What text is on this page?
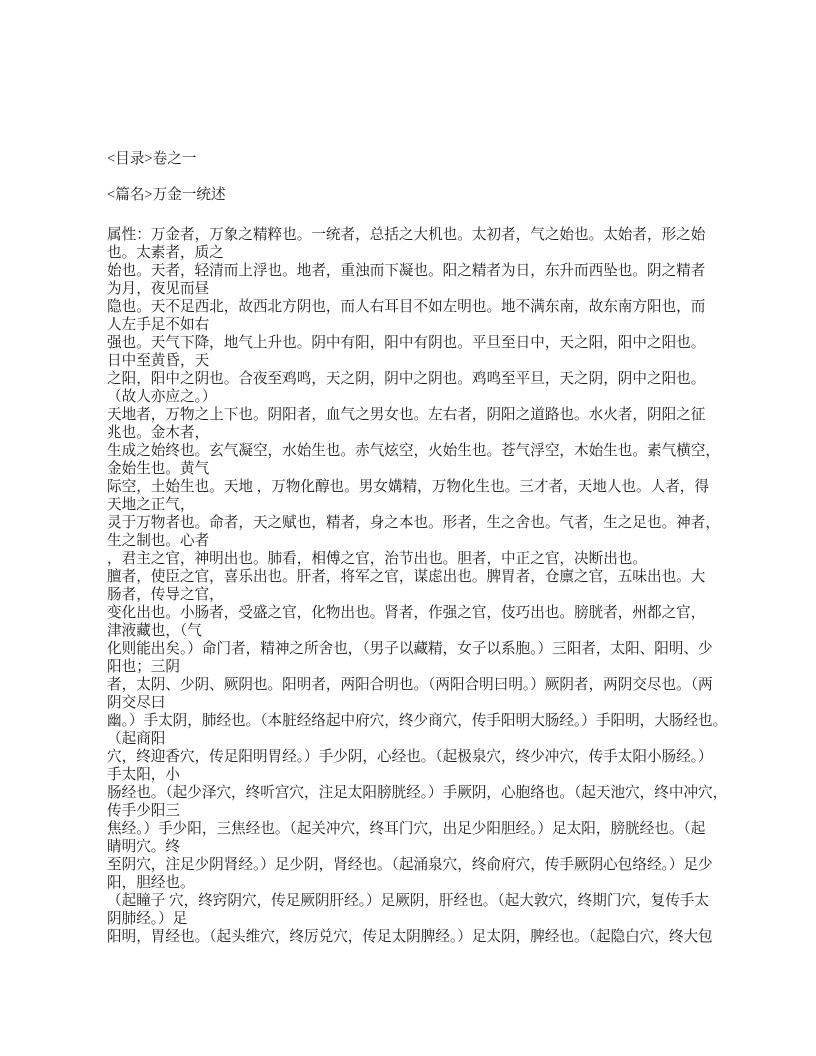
<目录>卷之一
<篇名>万金一统述
属性：万金者，万象之精粹也。一统者，总括之大机也。太初者，气之始也。太始者，形之始
也。太素者，质之
始也。天者，轻清而上浮也。地者，重浊而下凝也。阳之精者为日，东升而西坠也。阴之精者
为月，夜见而昼
隐也。天不足西北，故西北方阴也，而人右耳目不如左明也。地不满东南，故东南方阳也，而
人左手足不如右
强也。天气下降，地气上升也。阴中有阳，阳中有阴也。平旦至日中，天之阳，阳中之阳也。
日中至黄昏，天
之阳，阳中之阴也。合夜至鸡鸣，天之阴，阴中之阴也。鸡鸣至平旦，天之阴，阴中之阳也。
（故人亦应之。）
天地者，万物之上下也。阴阳者，血气之男女也。左右者，阴阳之道路也。水火者，阴阳之征
兆也。金木者，
生成之始终也。玄气凝空，水始生也。赤气炫空，火始生也。苍气浮空，木始生也。素气横空，
金始生也。黄气
际空，土始生也。天地 ，万物化醇也。男女媾精，万物化生也。三才者，天地人也。人者，得
天地之正气，
灵于万物者也。命者，天之赋也，精者，身之本也。形者，生之舍也。气者，生之足也。神者，
生之制也。心者
，君主之官，神明出也。肺看，相傅之官，治节出也。胆者，中正之官，决断出也。
膻者，使臣之官，喜乐出也。肝者，将军之官，谋虑出也。脾胃者，仓廪之官，五味出也。大
肠者，传导之官，
变化出也。小肠者，受盛之官，化物出也。肾者，作强之官，伎巧出也。膀胱者，州都之官，
津液藏也，（气
化则能出矣。）命门者，精神之所舍也，（男子以藏精，女子以系胞。）三阳者，太阳、阳明、少
阳也；三阴
者，太阴、少阴、厥阴也。阳明者，两阳合明也。（两阳合明曰明。）厥阴者，两阴交尽也。（两
阴交尽曰
幽。）手太阴，肺经也。（本脏经络起中府穴，终少商穴，传手阳明大肠经。）手阳明，大肠经也。
（起商阳
穴，终迎香穴，传足阳明胃经。）手少阴，心经也。（起极泉穴，终少冲穴，传手太阳小肠经。）
手太阳，小
肠经也。（起少泽穴，终听宫穴，注足太阳膀胱经。）手厥阴，心胞络也。（起天池穴，终中冲穴，
传手少阳三
焦经。）手少阳，三焦经也。（起关冲穴，终耳门穴，出足少阳胆经。）足太阳，膀胱经也。（起
睛明穴。终
至阴穴，注足少阴肾经。）足少阴，肾经也。（起涌泉穴，终俞府穴，传手厥阴心包络经。）足少
阳，胆经也。
（起瞳子 穴，终窍阴穴，传足厥阴肝经。）足厥阴，肝经也。（起大敦穴，终期门穴，复传手太
阴肺经。）足
阳明，胃经也。（起头维穴，终厉兑穴，传足太阴脾经。）足太阴，脾经也。（起隐白穴，终大包
